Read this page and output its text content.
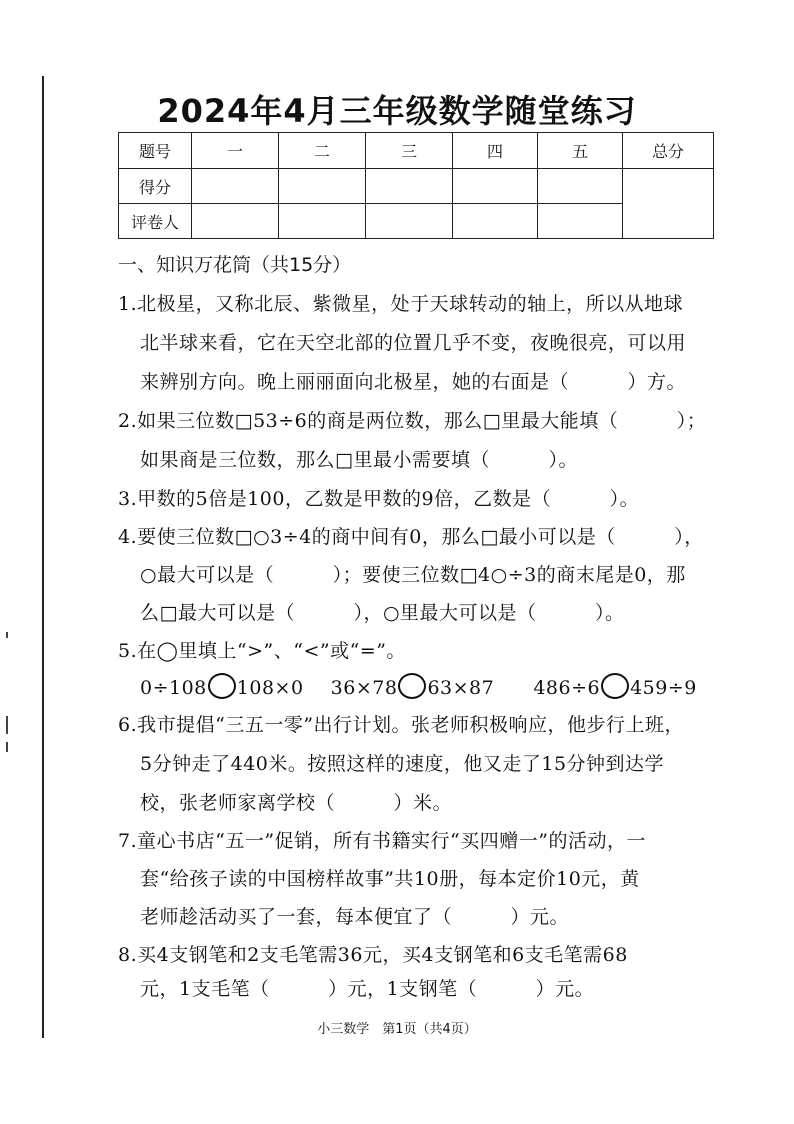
2024年4月三年级数学随堂练习
题号	一	二	三	四	五	总分
得分						
评卷人						
一、知识万花筒（共15分）
1.北极星，又称北辰、紫微星，处于天球转动的轴上，所以从地球
北半球来看，它在天空北部的位置几乎不变，夜晚很亮，可以用
来辨别方向。晚上丽丽面向北极星，她的右面是（　　　）方。
2.如果三位数□53÷6的商是两位数，那么□里最大能填（　　　）；
如果商是三位数，那么□里最小需要填（　　　）。
3.甲数的5倍是100，乙数是甲数的9倍，乙数是（　　　）。
4.要使三位数□○3÷4的商中间有0，那么□最小可以是（　　　），
○最大可以是（　　　）；要使三位数□4○÷3的商末尾是0，那
么□最大可以是（　　　），○里最大可以是（　　　）。
5.在◯里填上“>”、“<”或“=”。
0÷108 108×0 36×78 63×87 486÷6 459÷9
6.我市提倡“三五一零”出行计划。张老师积极响应，他步行上班，
5分钟走了440米。按照这样的速度，他又走了15分钟到达学
校，张老师家离学校（　　　）米。
7.童心书店“五一”促销，所有书籍实行“买四赠一”的活动，一
套“给孩子读的中国榜样故事”共10册，每本定价10元，黄
老师趁活动买了一套，每本便宜了（　　　）元。
8.买4支钢笔和2支毛笔需36元，买4支钢笔和6支毛笔需68
元，1支毛笔（　　　）元，1支钢笔（　　　）元。
小三数学　第1页（共4页）
